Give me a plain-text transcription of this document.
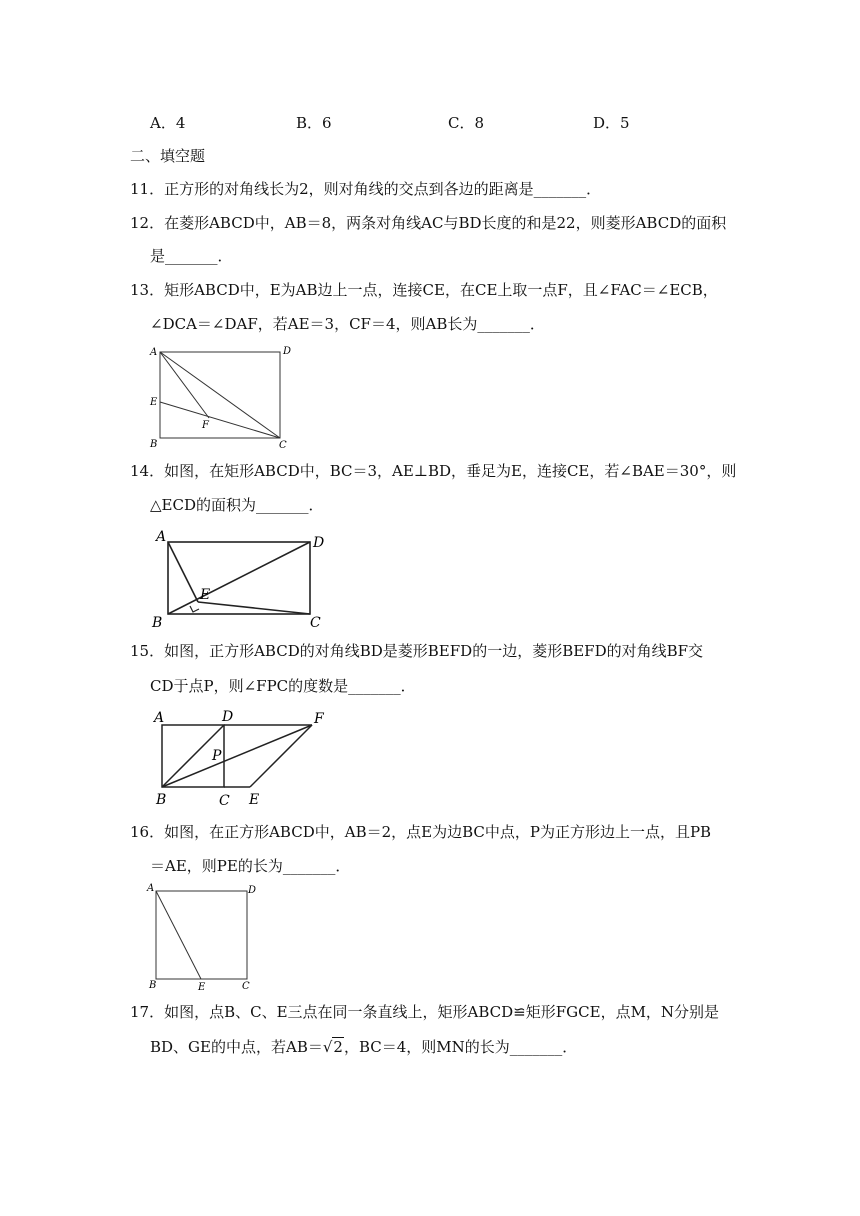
A．4	B．6	C．8	D．5
二、填空题
11．正方形的对角线长为2，则对角线的交点到各边的距离是_______．
12．在菱形ABCD中，AB＝8，两条对角线AC与BD长度的和是22，则菱形ABCD的面积
是_______．
13．矩形ABCD中，E为AB边上一点，连接CE，在CE上取一点F，且∠FAC＝∠ECB，
∠DCA＝∠DAF，若AE＝3，CF＝4，则AB长为_______．
A	D
E
F
B	C
14．如图，在矩形ABCD中，BC＝3，AE⊥BD，垂足为E，连接CE，若∠BAE＝30°，则
△ECD的面积为_______．
A	D
E
B	C
15．如图，正方形ABCD的对角线BD是菱形BEFD的一边，菱形BEFD的对角线BF交
CD于点P，则∠FPC的度数是_______．
A	D	F
P
B	C E
16．如图，在正方形ABCD中，AB＝2，点E为边BC中点，P为正方形边上一点，且PB
＝AE，则PE的长为_______．
A	D
B	E	C
17．如图，点B、C、E三点在同一条直线上，矩形ABCD≌矩形FGCE，点M，N分别是
BD、GE的中点，若AB＝√2，BC＝4，则MN的长为_______．
